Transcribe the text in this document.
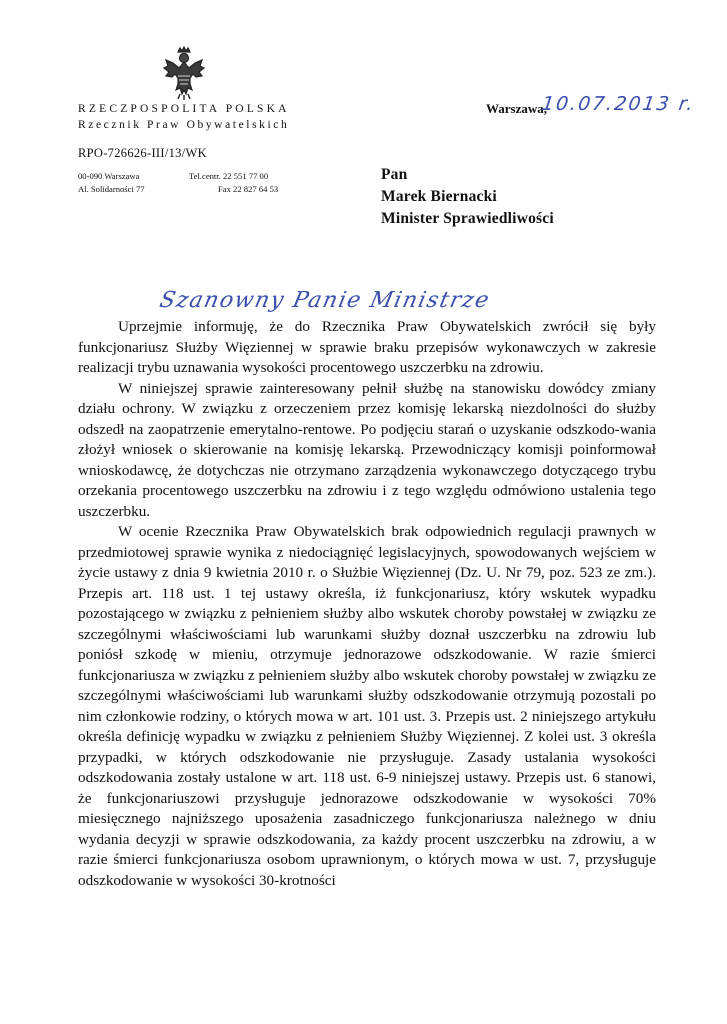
RZECZPOSPOLITA POLSKA
Rzecznik Praw Obywatelskich
RPO-726626-III/13/WK
00-090 Warszawa
Al. Solidarności 77
Tel.centr. 22 551 77 00
Fax 22 827 64 53
Warszawa,
10.07.2013 r.
Pan
Marek Biernacki
Minister Sprawiedliwości
Szanowny Panie Ministrze

Uprzejmie informuję, że do Rzecznika Praw Obywatelskich zwrócił się były funkcjonariusz Służby Więziennej w sprawie braku przepisów wykonawczych w zakresie realizacji trybu uznawania wysokości procentowego uszczerbku na zdrowiu.

W niniejszej sprawie zainteresowany pełnił służbę na stanowisku dowódcy zmiany działu ochrony. W związku z orzeczeniem przez komisję lekarską niezdolności do służby odszedł na zaopatrzenie emerytalno-rentowe. Po podjęciu starań o uzyskanie odszkodo-wania złożył wniosek o skierowanie na komisję lekarską. Przewodniczący komisji poinformował wnioskodawcę, że dotychczas nie otrzymano zarządzenia wykonawczego dotyczącego trybu orzekania procentowego uszczerbku na zdrowiu i z tego względu odmówiono ustalenia tego uszczerbku.

W ocenie Rzecznika Praw Obywatelskich brak odpowiednich regulacji prawnych w przedmiotowej sprawie wynika z niedociągnięć legislacyjnych, spowodowanych wejściem w życie ustawy z dnia 9 kwietnia 2010 r. o Służbie Więziennej (Dz. U. Nr 79, poz. 523 ze zm.). Przepis art. 118 ust. 1 tej ustawy określa, iż funkcjonariusz, który wskutek wypadku pozostającego w związku z pełnieniem służby albo wskutek choroby powstałej w związku ze szczególnymi właściwościami lub warunkami służby doznał uszczerbku na zdrowiu lub poniósł szkodę w mieniu, otrzymuje jednorazowe odszkodowanie. W razie śmierci funkcjonariusza w związku z pełnieniem służby albo wskutek choroby powstałej w związku ze szczególnymi właściwościami lub warunkami służby odszkodowanie otrzymują pozostali po nim członkowie rodziny, o których mowa w art. 101 ust. 3. Przepis ust. 2 niniejszego artykułu określa definicję wypadku w związku z pełnieniem Służby Więziennej. Z kolei ust. 3 określa przypadki, w których odszkodowanie nie przysługuje. Zasady ustalania wysokości odszkodowania zostały ustalone w art. 118 ust. 6-9 niniejszej ustawy. Przepis ust. 6 stanowi, że funkcjonariuszowi przysługuje jednorazowe odszkodowanie w wysokości 70% miesięcznego najniższego uposażenia zasadniczego funkcjonariusza należnego w dniu wydania decyzji w sprawie odszkodowania, za każdy procent uszczerbku na zdrowiu, a w razie śmierci funkcjonariusza osobom uprawnionym, o których mowa w ust. 7, przysługuje odszkodowanie w wysokości 30-krotności
